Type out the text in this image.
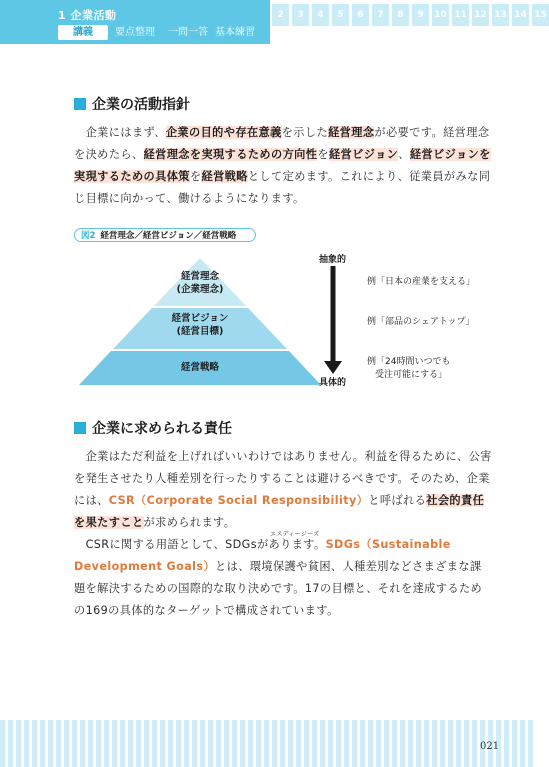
1 企業活動
講義	要点整理 一問一答 基本練習
2	3	4	5	6	7	8	9	10 11 12 13 14 15
企業の活動指針
　企業にはまず、企業の目的や存在意義を示した経営理念が必要です。経営理念を決めたら、経営理念を実現するための方向性を経営ビジョン、経営ビジョンを実現するための具体策を経営戦略として定めます。これにより、従業員がみな同じ目標に向かって、働けるようになります。
図2 経営理念／経営ビジョン／経営戦略
経営理念
(企業理念)
経営ビジョン
(経営目標)
経営戦略
抽象的
具体的
例「日本の産業を支える」
例「部品のシェアトップ」
例「24時間いつでも
受注可能にする」
企業に求められる責任
　企業はただ利益を上げればいいわけではありません。利益を得るために、公害を発生させたり人種差別を行ったりすることは避けるべきです。そのため、企業には、CSR（Corporate Social Responsibility）と呼ばれる社会的責任を果たすことが求められます。
エスディージーズ
　CSRに関する用語として、SDGsがあります。SDGs（Sustainable Development Goals）とは、環境保護や貧困、人種差別などさまざまな課題を解決するための国際的な取り決めです。17の目標と、それを達成するための169の具体的なターゲットで構成されています。
021
